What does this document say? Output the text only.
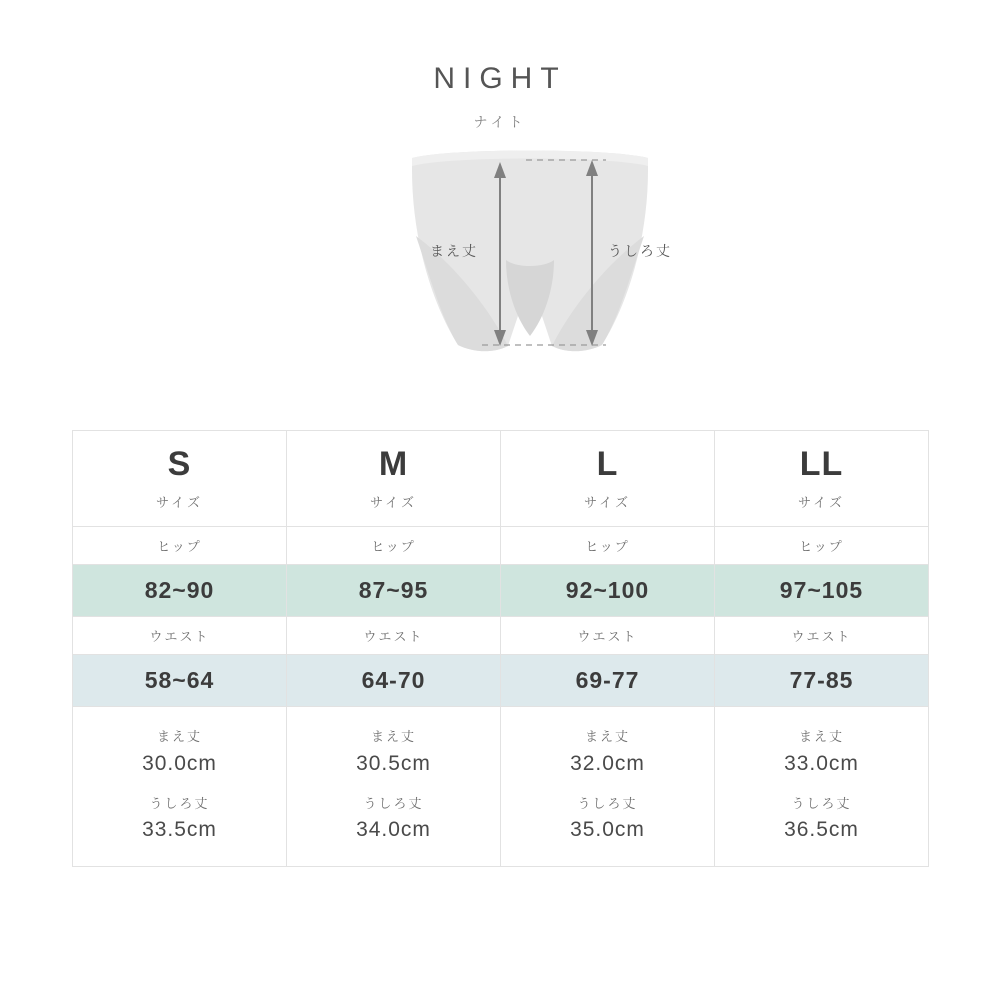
NIGHT
ナイト
まえ丈	うしろ丈
S
サイズ

M
サイズ

L
サイズ

LL
サイズ

ヒップ	ヒップ	ヒップ	ヒップ
82~90	87~95	92~100	97~105
ウエスト	ウエスト	ウエスト	ウエスト
58~64	64-70	69-77	77-85

まえ丈
30.0cm
うしろ丈
33.5cm

まえ丈
30.5cm
うしろ丈
34.0cm

まえ丈
32.0cm
うしろ丈
35.0cm

まえ丈
33.0cm
うしろ丈
36.5cm
